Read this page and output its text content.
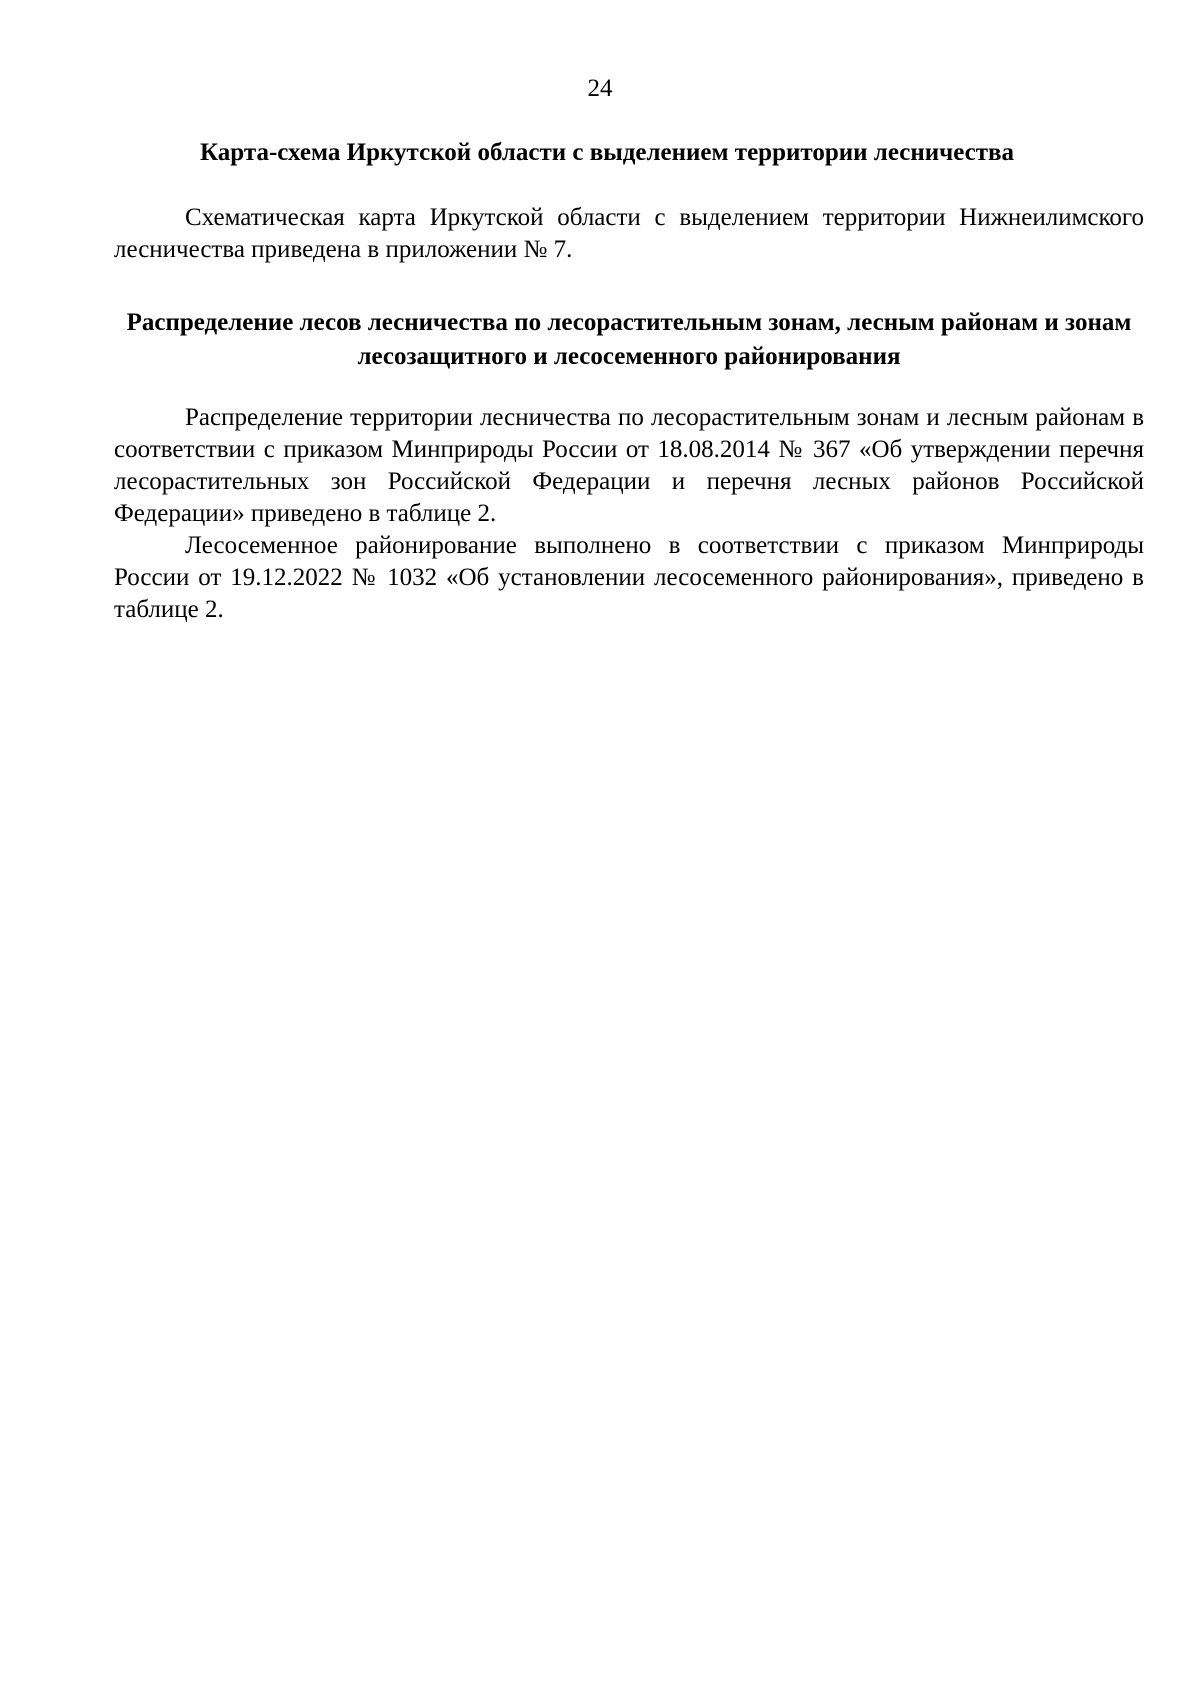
24
Карта-схема Иркутской области с выделением территории лесничества

Схематическая карта Иркутской области с выделением территории Нижнеилимского лесничества приведена в приложении № 7.

Распределение лесов лесничества по лесорастительным зонам, лесным районам и зонам лесозащитного и лесосеменного районирования

Распределение территории лесничества по лесорастительным зонам и лесным районам в соответствии с приказом Минприроды России от 18.08.2014 № 367 «Об утверждении перечня лесорастительных зон Российской Федерации и перечня лесных районов Российской Федерации» приведено в таблице 2.

Лесосеменное районирование выполнено в соответствии с приказом Минприроды России от 19.12.2022 № 1032 «Об установлении лесосеменного районирования», приведено в таблице 2.
